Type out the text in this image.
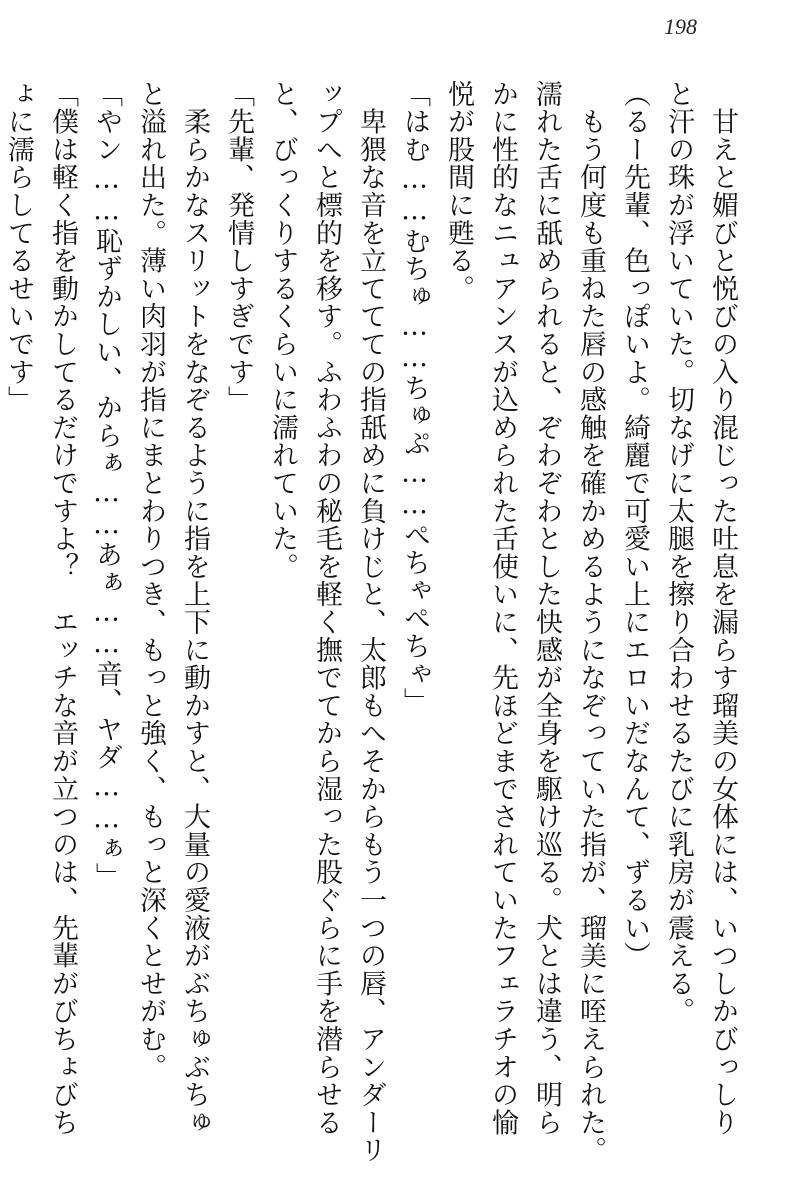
198
　甘えと媚びと悦びの入り混じった吐息を漏らす瑠美の女体には、いつしかびっしり
と汗の珠が浮いていた。切なげに太腿を擦り合わせるたびに乳房が震える。
（るー先輩、色っぽいよ。綺麗で可愛い上にエロいだなんて、ずるい）
　もう何度も重ねた唇の感触を確かめるようになぞっていた指が、瑠美に咥えられた。
濡れた舌に舐められると、ぞわぞわとした快感が全身を駆け巡る。犬とは違う、明ら
かに性的なニュアンスが込められた舌使いに、先ほどまでされていたフェラチオの愉
悦が股間に甦る。
「はむ……むちゅ……ちゅぷ……ぺちゃぺちゃ」
　卑猥な音を立ててての指舐めに負けじと、太郎もへそからもう一つの唇、アンダーリ
ップへと標的を移す。ふわふわの秘毛を軽く撫でてから湿った股ぐらに手を潜らせる
と、びっくりするくらいに濡れていた。
「先輩、発情しすぎです」
　柔らかなスリットをなぞるように指を上下に動かすと、大量の愛液がぶちゅぶちゅ
と溢れ出た。薄い肉羽が指にまとわりつき、もっと強く、もっと深くとせがむ。
「やン……恥ずかしい、からぁ……あぁ……音、ヤダ……ぁ」
「僕は軽く指を動かしてるだけですよ？　エッチな音が立つのは、先輩がびちょびち
ょに濡らしてるせいです」
